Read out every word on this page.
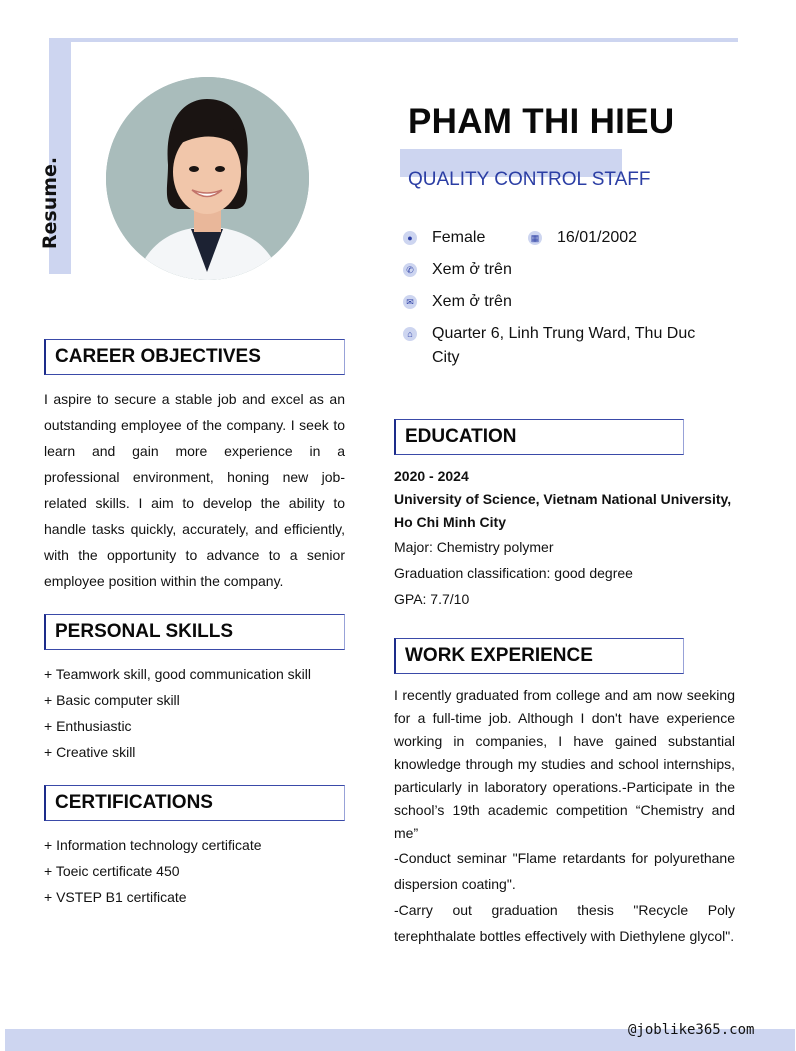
Resume.
PHAM THI HIEU
QUALITY CONTROL STAFF
● Female	▦ 16/01/2002
✆ Xem ở trên
✉ Xem ở trên
⌂ Quarter 6, Linh Trung Ward, Thu Duc City
CAREER OBJECTIVES
I aspire to secure a stable job and excel as an outstanding employee of the company. I seek to learn and gain more experience in a professional environment, honing new job-related skills. I aim to develop the ability to handle tasks quickly, accurately, and efficiently, with the opportunity to advance to a senior employee position within the company.
PERSONAL SKILLS
+ Teamwork skill, good communication skill
+ Basic computer skill
+ Enthusiastic
+ Creative skill
CERTIFICATIONS
+ Information technology certificate
+ Toeic certificate 450
+ VSTEP B1 certificate
EDUCATION
2020 - 2024
University of Science, Vietnam National University, Ho Chi Minh City
Major: Chemistry polymer
Graduation classification: good degree
GPA: 7.7/10
WORK EXPERIENCE

I recently graduated from college and am now seeking for a full-time job. Although I don't have experience working in companies, I have gained substantial knowledge through my studies and school internships, particularly in laboratory operations.-Participate in the school’s 19th academic competition “Chemistry and me”

-Conduct seminar "Flame retardants for polyurethane dispersion coating".

-Carry out graduation thesis "Recycle Poly terephthalate bottles effectively with Diethylene glycol".

@joblike365.com
